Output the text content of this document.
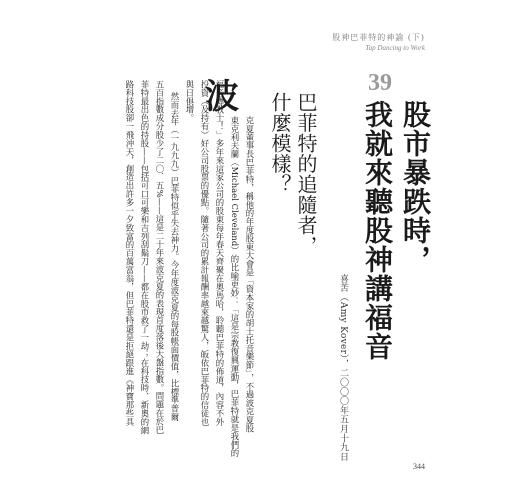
股神巴菲特的神諭 (下)
Tap Dancing to Work
39
股市暴跌時，
我就來聽股神講福音
巴菲特的追隨者，
什麼模樣？
喜苦（Amy Kover），二〇〇〇年五月十九日
波
克夏董事長巴菲特，稱他的年度股東大會是「資本家的胡士托音樂節」，不過波克夏股
東克利夫蘭（Michael Cleveland）的比喻更妙：「這是宗教復興運動，巴菲特就是我們的
福音傳教士！」多年來這家公司的股東每年春天齊聚在奧馬哈，聆聽巴菲特的佈道，內容不外
投資（及持有）好公司股票的優點。隨著公司的累計報酬率越來越驚人，皈依巴菲特的信徒也
與日俱增。
然而去年（一九九九）巴菲特似乎失去神力。今年度波克夏的每股帳面價值，比標準普爾
五百指數成分股少了二〇．五%——這是二十年來波克夏的表現首度落後大盤指數。問題在於巴
菲特最出色的持股——包括可口可樂和吉列刮鬍刀——都在股市救了一劫；在科技時、新奧的網
路科技股卻一飛沖天，創造出許多一夕致富的百萬富翁，但巴菲特還是拒絕跟進《神寶那些具
344
